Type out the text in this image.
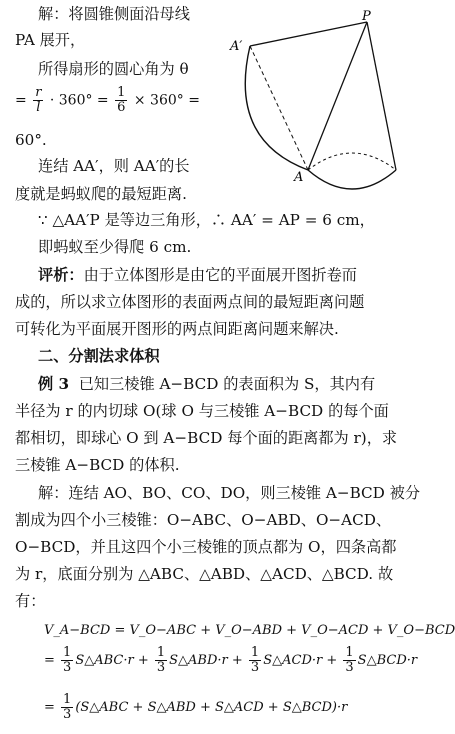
P
A′
A
解：将圆锥侧面沿母线
PA 展开，
所得扇形的圆心角为 θ
= $\frac{r}{l} \cdot 360^\circ = \frac{1}{6} \times 360^\circ$ =
60°.
连结 AA′，则 AA′的长
度就是蚂蚁爬的最短距离.
∵ △AA′P 是等边三角形，∴ AA′ = AP = 6 cm，
即蚂蚁至少得爬 6 cm.
评析：由于立体图形是由它的平面展开图折卷而
成的，所以求立体图形的表面两点间的最短距离问题
可转化为平面展开图形的两点间距离问题来解决.
二、分割法求体积
例 3 已知三棱锥 A−BCD 的表面积为 S，其内有
半径为 r 的内切球 O(球 O 与三棱锥 A−BCD 的每个面
都相切，即球心 O 到 A−BCD 每个面的距离都为 r)，求
三棱锥 A−BCD 的体积.
解：连结 AO、BO、CO、DO，则三棱锥 A−BCD 被分
割成为四个小三棱锥：O−ABC、O−ABD、O−ACD、
O−BCD，并且这四个小三棱锥的顶点都为 O，四条高都
为 r，底面分别为 △ABC、△ABD、△ACD、△BCD. 故
有：
V_A−BCD = V_O−ABC + V_O−ABD + V_O−ACD + V_O−BCD
= $\frac{1}{3}$ S△ABC·r + $\frac{1}{3}$ S△ABD·r + $\frac{1}{3}$ S△ACD·r + $\frac{1}{3}$ S△BCD·r
= $\frac{1}{3}$ (S△ABC + S△ABD + S△ACD + S△BCD)·r
